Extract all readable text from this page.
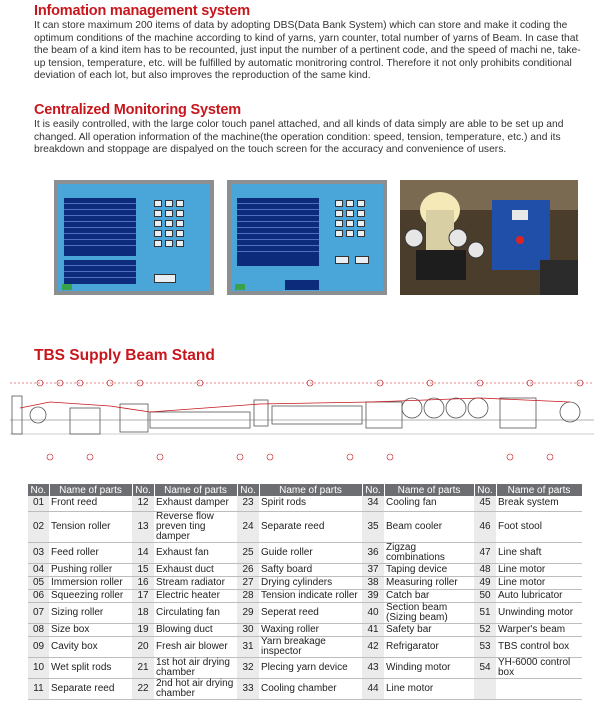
Infomation management system
It can store maximum 200 items of data by adopting DBS(Data Bank System) which can store and make it coding the optimum conditions of the machine according to kind of yarns, yarn counter, total number of yarns of Beam. In case that the beam of a kind item has to be recounted, just input the number of a pertinent code, and the speed of machi ne, take-up tension, temperature, etc. will be fulfilled by automatic monitroring control. Therefore it not only prohibits conditional deviation of each lot, but also improves the reproduction of the same kind.
Centralized Monitoring System
It is easily controlled, with the large color touch panel attached, and all kinds of data simply are able to be set up and changed. All operation information of the machine(the operation condition: speed, tension, temperature, etc.) and its breakdown and stoppage are dispalyed on the touch screen for the accuracy and convenience of users.
TBS Supply Beam Stand
No.	Name of parts	No.	Name of parts	No.	Name of parts	No.	Name of parts	No.	Name of parts
01	Front reed	12	Exhaust damper	23	Spirit rods	34	Cooling fan	45	Break system
02	Tension roller	13	Reverse flow preven ting damper	24	Separate reed	35	Beam cooler	46	Foot stool
03	Feed roller	14	Exhaust fan	25	Guide roller	36	Zigzag combinations	47	Line shaft
04	Pushing roller	15	Exhaust duct	26	Safty board	37	Taping device	48	Line motor
05	Immersion roller	16	Stream radiator	27	Drying cylinders	38	Measuring roller	49	Line motor
06	Squeezing roller	17	Electric heater	28	Tension indicate roller	39	Catch bar	50	Auto lubricator
07	Sizing roller	18	Circulating fan	29	Seperat reed	40	Section beam (Sizing beam)	51	Unwinding motor
08	Size box	19	Blowing duct	30	Waxing roller	41	Safety bar	52	Warper's beam
09	Cavity box	20	Fresh air blower	31	Yarn breakage inspector	42	Refrigarator	53	TBS control box
10	Wet split rods	21	1st hot air drying chamber	32	Plecing yarn device	43	Winding motor	54	YH-6000 control box
11	Separate reed	22	2nd hot air drying chamber	33	Cooling chamber	44	Line motor		
